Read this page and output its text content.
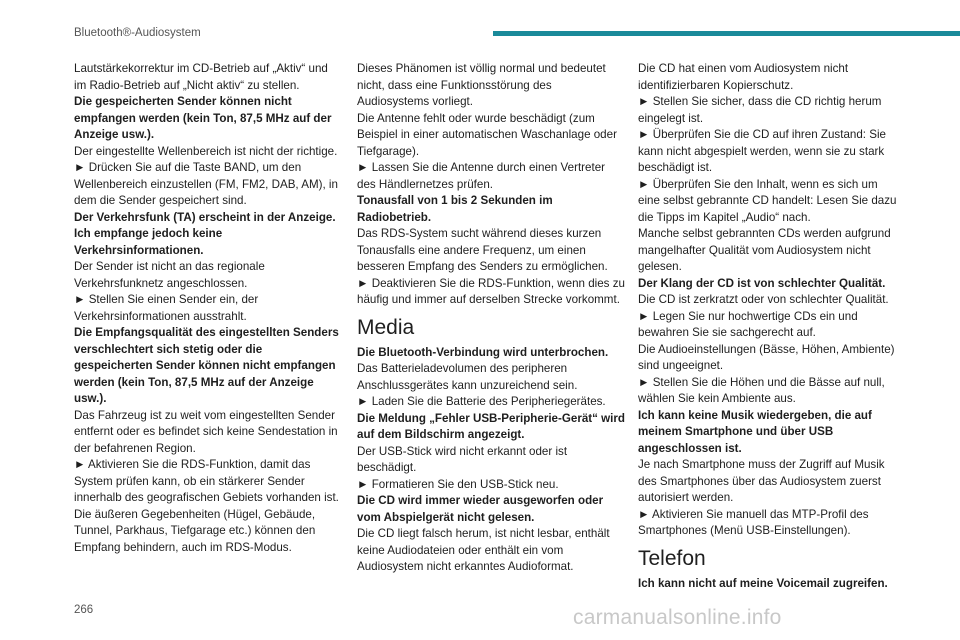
Bluetooth®-Audiosystem

Lautstärkekorrektur im CD-Betrieb auf „Aktiv“ und im Radio-Betrieb auf „Nicht aktiv“ zu stellen.

Die gespeicherten Sender können nicht empfangen werden (kein Ton, 87,5 MHz auf der Anzeige usw.).

Der eingestellte Wellenbereich ist nicht der richtige.

► Drücken Sie auf die Taste BAND, um den Wellenbereich einzustellen (FM, FM2, DAB, AM), in dem die Sender gespeichert sind.

Der Verkehrsfunk (TA) erscheint in der Anzeige. Ich empfange jedoch keine Verkehrsinformationen.

Der Sender ist nicht an das regionale Verkehrsfunknetz angeschlossen.

► Stellen Sie einen Sender ein, der Verkehrsinformationen ausstrahlt.

Die Empfangsqualität des eingestellten Senders verschlechtert sich stetig oder die gespeicherten Sender können nicht empfangen werden (kein Ton, 87,5 MHz auf der Anzeige usw.).

Das Fahrzeug ist zu weit vom eingestellten Sender entfernt oder es befindet sich keine Sendestation in der befahrenen Region.

► Aktivieren Sie die RDS-Funktion, damit das System prüfen kann, ob ein stärkerer Sender innerhalb des geografischen Gebiets vorhanden ist.

Die äußeren Gegebenheiten (Hügel, Gebäude, Tunnel, Parkhaus, Tiefgarage etc.) können den Empfang behindern, auch im RDS-Modus.

Dieses Phänomen ist völlig normal und bedeutet nicht, dass eine Funktionsstörung des Audiosystems vorliegt.

Die Antenne fehlt oder wurde beschädigt (zum Beispiel in einer automatischen Waschanlage oder Tiefgarage).

► Lassen Sie die Antenne durch einen Vertreter des Händlernetzes prüfen.

Tonausfall von 1 bis 2 Sekunden im Radiobetrieb.

Das RDS-System sucht während dieses kurzen Tonausfalls eine andere Frequenz, um einen besseren Empfang des Senders zu ermöglichen.

► Deaktivieren Sie die RDS-Funktion, wenn dies zu häufig und immer auf derselben Strecke vorkommt.

Media

Die Bluetooth-Verbindung wird unterbrochen.

Das Batterieladevolumen des peripheren Anschlussgerätes kann unzureichend sein.

► Laden Sie die Batterie des Peripheriegerätes.

Die Meldung „Fehler USB-Peripherie-Gerät“ wird auf dem Bildschirm angezeigt.

Der USB-Stick wird nicht erkannt oder ist beschädigt.

► Formatieren Sie den USB-Stick neu.

Die CD wird immer wieder ausgeworfen oder vom Abspielgerät nicht gelesen.

Die CD liegt falsch herum, ist nicht lesbar, enthält keine Audiodateien oder enthält ein vom Audiosystem nicht erkanntes Audioformat.

Die CD hat einen vom Audiosystem nicht identifizierbaren Kopierschutz.

► Stellen Sie sicher, dass die CD richtig herum eingelegt ist.

► Überprüfen Sie die CD auf ihren Zustand: Sie kann nicht abgespielt werden, wenn sie zu stark beschädigt ist.

► Überprüfen Sie den Inhalt, wenn es sich um eine selbst gebrannte CD handelt: Lesen Sie dazu die Tipps im Kapitel „Audio“ nach.

Manche selbst gebrannten CDs werden aufgrund mangelhafter Qualität vom Audiosystem nicht gelesen.

Der Klang der CD ist von schlechter Qualität.

Die CD ist zerkratzt oder von schlechter Qualität.

► Legen Sie nur hochwertige CDs ein und bewahren Sie sie sachgerecht auf.

Die Audioeinstellungen (Bässe, Höhen, Ambiente) sind ungeeignet.

► Stellen Sie die Höhen und die Bässe auf null, wählen Sie kein Ambiente aus.

Ich kann keine Musik wiedergeben, die auf meinem Smartphone und über USB angeschlossen ist.

Je nach Smartphone muss der Zugriff auf Musik des Smartphones über das Audiosystem zuerst autorisiert werden.

► Aktivieren Sie manuell das MTP-Profil des Smartphones (Menü USB-Einstellungen).

Telefon

Ich kann nicht auf meine Voicemail zugreifen.

266	carmanualsonline.info
